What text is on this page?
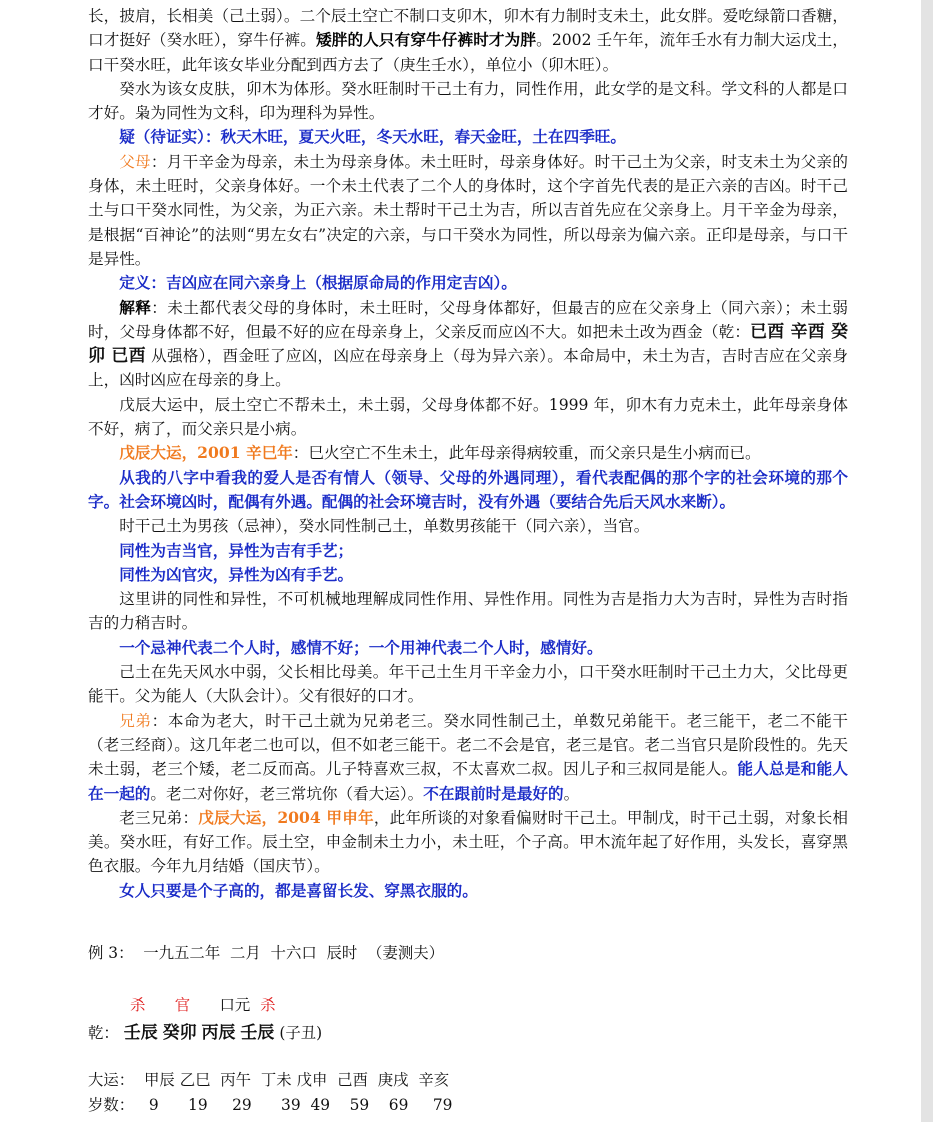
长，披肩，长相美（己土弱）。二个辰土空亡不制口支卯木，卯木有力制时支未土，此女胖。爱吃绿箭口香糖，口才挺好（癸水旺），穿牛仔裤。矮胖的人只有穿牛仔裤时才为胖。2002 壬午年，流年壬水有力制大运戊土，口干癸水旺，此年该女毕业分配到西方去了（庚生壬水），单位小（卯木旺）。

癸水为该女皮肤，卯木为体形。癸水旺制时干己土有力，同性作用，此女学的是文科。学文科的人都是口才好。枭为同性为文科，印为理科为异性。

疑（待证实）：秋天木旺，夏天火旺，冬天水旺，春天金旺，土在四季旺。

父母：月干辛金为母亲，未土为母亲身体。未土旺时，母亲身体好。时干己土为父亲，时支未土为父亲的身体，未土旺时，父亲身体好。一个未土代表了二个人的身体时，这个字首先代表的是正六亲的吉凶。时干己土与口干癸水同性，为父亲，为正六亲。未土帮时干己土为吉，所以吉首先应在父亲身上。月干辛金为母亲，是根据“百神论”的法则“男左女右”决定的六亲，与口干癸水为同性，所以母亲为偏六亲。正印是母亲，与口干是异性。

定义：吉凶应在同六亲身上（根据原命局的作用定吉凶）。

解释：未土都代表父母的身体时，未土旺时，父母身体都好，但最吉的应在父亲身上（同六亲）；未土弱时，父母身体都不好，但最不好的应在母亲身上，父亲反而应凶不大。如把未土改为酉金（乾：已酉 辛酉 癸卯 已酉 从强格），酉金旺了应凶，凶应在母亲身上（母为异六亲）。本命局中，未土为吉，吉时吉应在父亲身上，凶时凶应在母亲的身上。

戊辰大运中，辰土空亡不帮未土，未土弱，父母身体都不好。1999 年，卯木有力克未土，此年母亲身体不好，病了，而父亲只是小病。

戊辰大运，2001 辛巳年：巳火空亡不生未土，此年母亲得病较重，而父亲只是生小病而已。

从我的八字中看我的爱人是否有情人（领导、父母的外遇同理），看代表配偶的那个字的社会环境的那个字。社会环境凶时，配偶有外遇。配偶的社会环境吉时，没有外遇（要结合先后天风水来断）。

时干己土为男孩（忌神），癸水同性制己土，单数男孩能干（同六亲），当官。

同性为吉当官，异性为吉有手艺；

同性为凶官灾，异性为凶有手艺。

这里讲的同性和异性，不可机械地理解成同性作用、异性作用。同性为吉是指力大为吉时，异性为吉时指吉的力稍吉时。

一个忌神代表二个人时，感情不好；一个用神代表二个人时，感情好。

己土在先天风水中弱，父长相比母美。年干己土生月干辛金力小，口干癸水旺制时干己土力大，父比母更能干。父为能人（大队会计）。父有很好的口才。

兄弟：本命为老大，时干己土就为兄弟老三。癸水同性制己土，单数兄弟能干。老三能干，老二不能干（老三经商）。这几年老二也可以，但不如老三能干。老二不会是官，老三是官。老二当官只是阶段性的。先天未土弱，老三个矮，老二反而高。儿子特喜欢三叔，不太喜欢二叔。因儿子和三叔同是能人。能人总是和能人在一起的。老二对你好，老三常坑你（看大运）。不在跟前时是最好的。

老三兄弟：戊辰大运，2004 甲申年，此年所谈的对象看偏财时干己土。甲制戊，时干己土弱，对象长相美。癸水旺，有好工作。辰土空，申金制未土力小，未土旺，个子高。甲木流年起了好作用，头发长，喜穿黑色衣服。今年九月结婚（国庆节）。

女人只要是个子高的，都是喜留长发、穿黑衣服的。

例 3：  一九五二年  二月  十六口  辰时  （妻测夫）
杀 官 口元 杀
乾： 壬辰 癸卯 丙辰 壬辰 (子丑)
大运： 甲辰 乙巳 丙午 丁未 戊申 己酉 庚戌 辛亥
岁数： 9 19 29 39 49 59 69 79
